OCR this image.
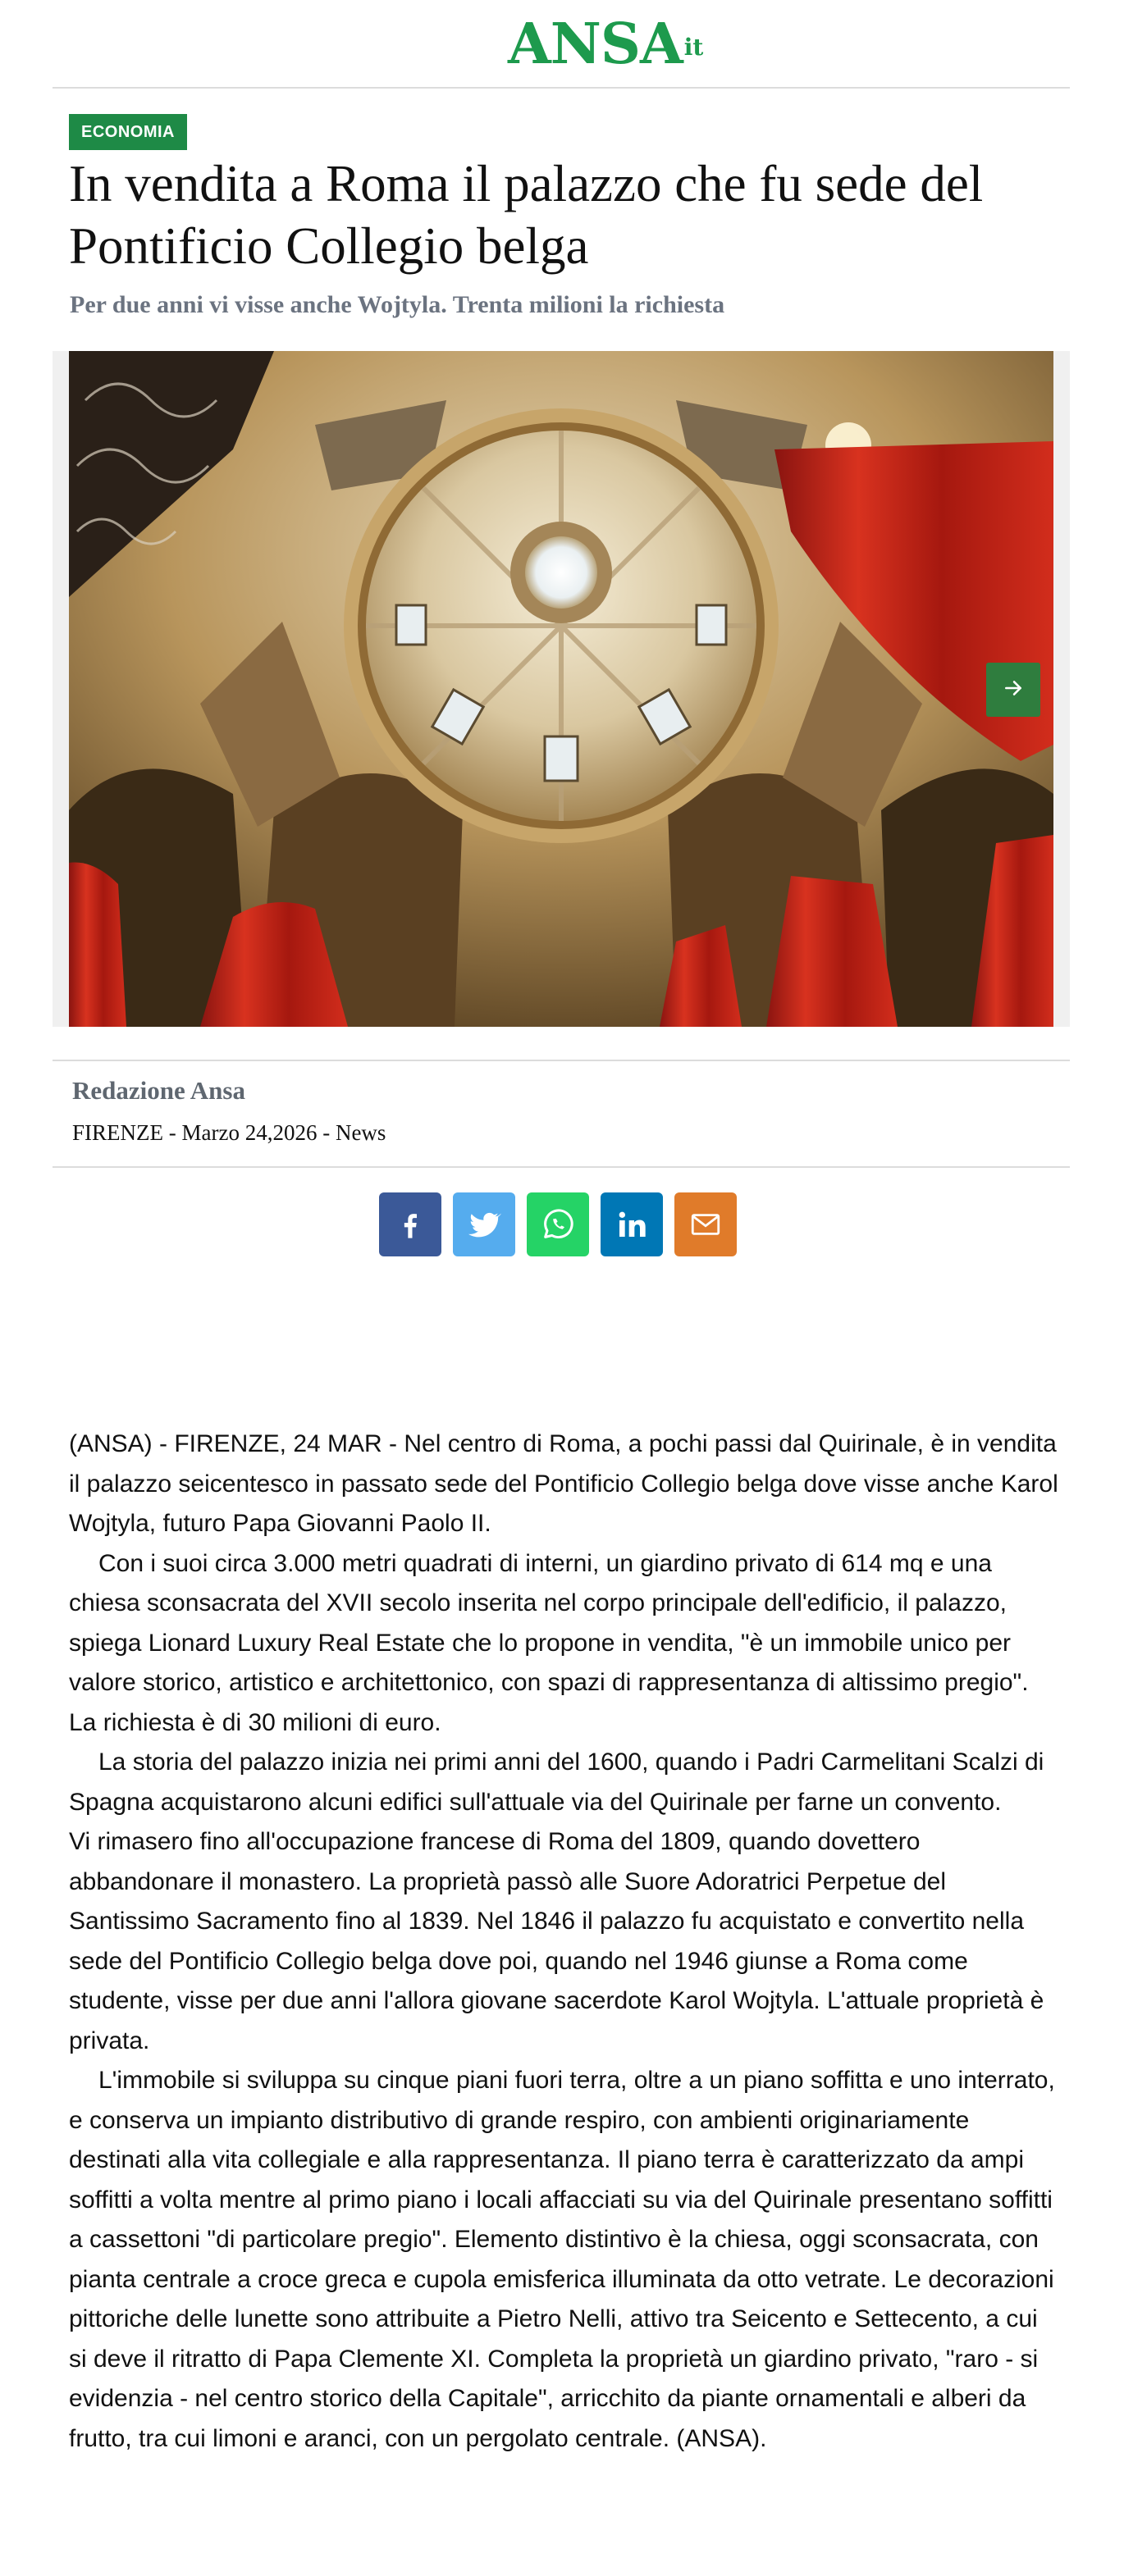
ANSA it
ECONOMIA
In vendita a Roma il palazzo che fu sede del Pontificio Collegio belga
Per due anni vi visse anche Wojtyla. Trenta milioni la richiesta
Redazione Ansa
FIRENZE - Marzo 24,2026 - News

(ANSA) - FIRENZE, 24 MAR - Nel centro di Roma, a pochi passi dal Quirinale, è in vendita il palazzo seicentesco in passato sede del Pontificio Collegio belga dove visse anche Karol Wojtyla, futuro Papa Giovanni Paolo II.

Con i suoi circa 3.000 metri quadrati di interni, un giardino privato di 614 mq e una chiesa sconsacrata del XVII secolo inserita nel corpo principale dell'edificio, il palazzo, spiega Lionard Luxury Real Estate che lo propone in vendita, "è un immobile unico per valore storico, artistico e architettonico, con spazi di rappresentanza di altissimo pregio". La richiesta è di 30 milioni di euro.

La storia del palazzo inizia nei primi anni del 1600, quando i Padri Carmelitani Scalzi di Spagna acquistarono alcuni edifici sull'attuale via del Quirinale per farne un convento.

Vi rimasero fino all'occupazione francese di Roma del 1809, quando dovettero abbandonare il monastero. La proprietà passò alle Suore Adoratrici Perpetue del Santissimo Sacramento fino al 1839. Nel 1846 il palazzo fu acquistato e convertito nella sede del Pontificio Collegio belga dove poi, quando nel 1946 giunse a Roma come studente, visse per due anni l'allora giovane sacerdote Karol Wojtyla. L'attuale proprietà è privata.

L'immobile si sviluppa su cinque piani fuori terra, oltre a un piano soffitta e uno interrato, e conserva un impianto distributivo di grande respiro, con ambienti originariamente destinati alla vita collegiale e alla rappresentanza. Il piano terra è caratterizzato da ampi soffitti a volta mentre al primo piano i locali affacciati su via del Quirinale presentano soffitti a cassettoni "di particolare pregio". Elemento distintivo è la chiesa, oggi sconsacrata, con pianta centrale a croce greca e cupola emisferica illuminata da otto vetrate. Le decorazioni pittoriche delle lunette sono attribuite a Pietro Nelli, attivo tra Seicento e Settecento, a cui si deve il ritratto di Papa Clemente XI. Completa la proprietà un giardino privato, "raro - si evidenzia - nel centro storico della Capitale", arricchito da piante ornamentali e alberi da frutto, tra cui limoni e aranci, con un pergolato centrale. (ANSA).
